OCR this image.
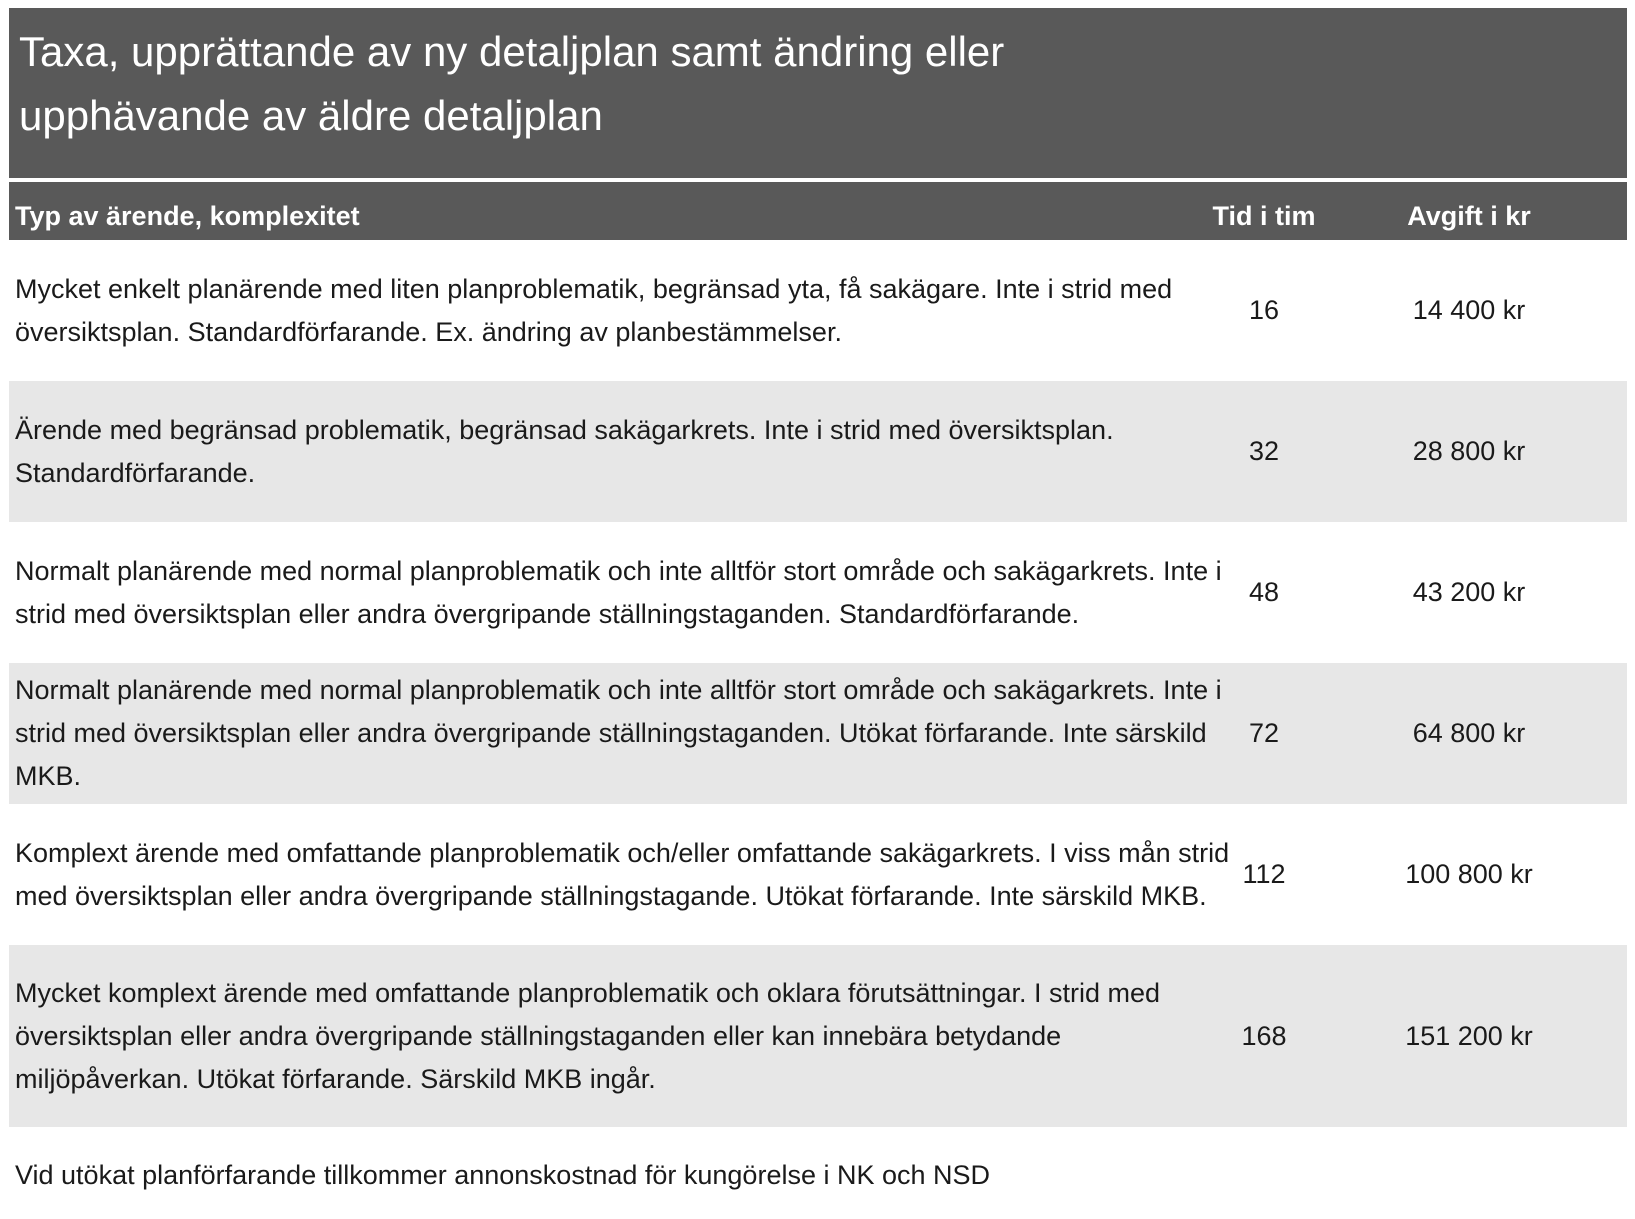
Taxa, upprättande av ny detaljplan samt ändring eller
upphävande av äldre detaljplan
Typ av ärende, komplexitet	Tid i tim	Avgift i kr
Mycket enkelt planärende med liten planproblematik, begränsad yta, få sakägare. Inte i strid med översiktsplan. Standardförfarande. Ex. ändring av planbestämmelser.
16	14 400 kr
Ärende med begränsad problematik, begränsad sakägarkrets. Inte i strid med översiktsplan. Standardförfarande.
32	28 800 kr
Normalt planärende med normal planproblematik och inte alltför stort område och sakägarkrets. Inte i strid med översiktsplan eller andra övergripande ställningstaganden. Standardförfarande.
48	43 200 kr
Normalt planärende med normal planproblematik och inte alltför stort område och sakägarkrets. Inte i strid med översiktsplan eller andra övergripande ställningstaganden. Utökat förfarande. Inte särskild MKB.
72	64 800 kr
Komplext ärende med omfattande planproblematik och/eller omfattande sakägarkrets. I viss mån strid med översiktsplan eller andra övergripande ställningstagande. Utökat förfarande. Inte särskild MKB.
112	100 800 kr
Mycket komplext ärende med omfattande planproblematik och oklara förutsättningar. I strid med översiktsplan eller andra övergripande ställningstaganden eller kan innebära betydande miljöpåverkan. Utökat förfarande. Särskild MKB ingår.
168	151 200 kr
Vid utökat planförfarande tillkommer annonskostnad för kungörelse i NK och NSD
